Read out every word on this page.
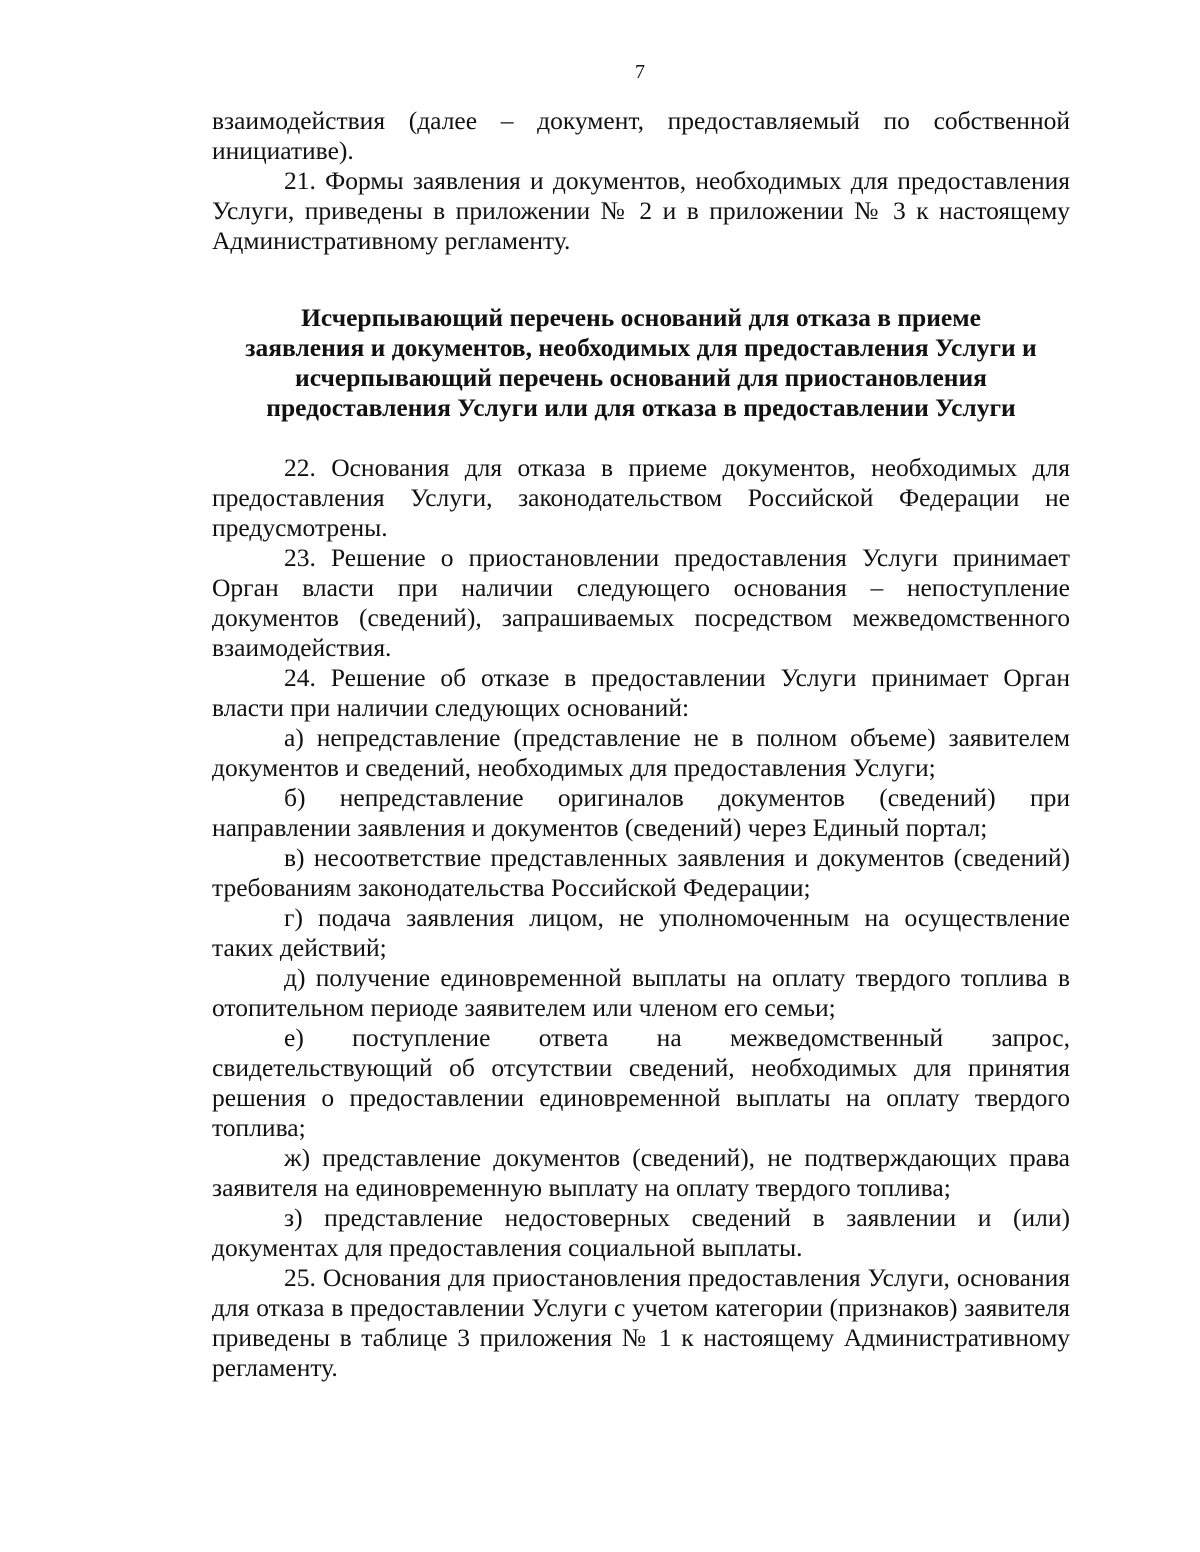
7

взаимодействия (далее – документ, предоставляемый по собственной инициативе).

21. Формы заявления и документов, необходимых для предоставления Услуги, приведены в приложении № 2 и в приложении № 3 к настоящему Административному регламенту.

Исчерпывающий перечень оснований для отказа в приеме
заявления и документов, необходимых для предоставления Услуги и
исчерпывающий перечень оснований для приостановления
предоставления Услуги или для отказа в предоставлении Услуги

22. Основания для отказа в приеме документов, необходимых для предоставления Услуги, законодательством Российской Федерации не предусмотрены.

23. Решение о приостановлении предоставления Услуги принимает Орган власти при наличии следующего основания – непоступление документов (сведений), запрашиваемых посредством межведомственного взаимодействия.

24. Решение об отказе в предоставлении Услуги принимает Орган власти при наличии следующих оснований:

а) непредставление (представление не в полном объеме) заявителем документов и сведений, необходимых для предоставления Услуги;

б) непредставление оригиналов документов (сведений) при направлении заявления и документов (сведений) через Единый портал;

в) несоответствие представленных заявления и документов (сведений) требованиям законодательства Российской Федерации;

г) подача заявления лицом, не уполномоченным на осуществление таких действий;

д) получение единовременной выплаты на оплату твердого топлива в отопительном периоде заявителем или членом его семьи;

е) поступление ответа на межведомственный запрос, свидетельствующий об отсутствии сведений, необходимых для принятия решения о предоставлении единовременной выплаты на оплату твердого топлива;

ж) представление документов (сведений), не подтверждающих права заявителя на единовременную выплату на оплату твердого топлива;

з) представление недостоверных сведений в заявлении и (или) документах для предоставления социальной выплаты.

25. Основания для приостановления предоставления Услуги, основания для отказа в предоставлении Услуги с учетом категории (признаков) заявителя приведены в таблице 3 приложения № 1 к настоящему Административному регламенту.
